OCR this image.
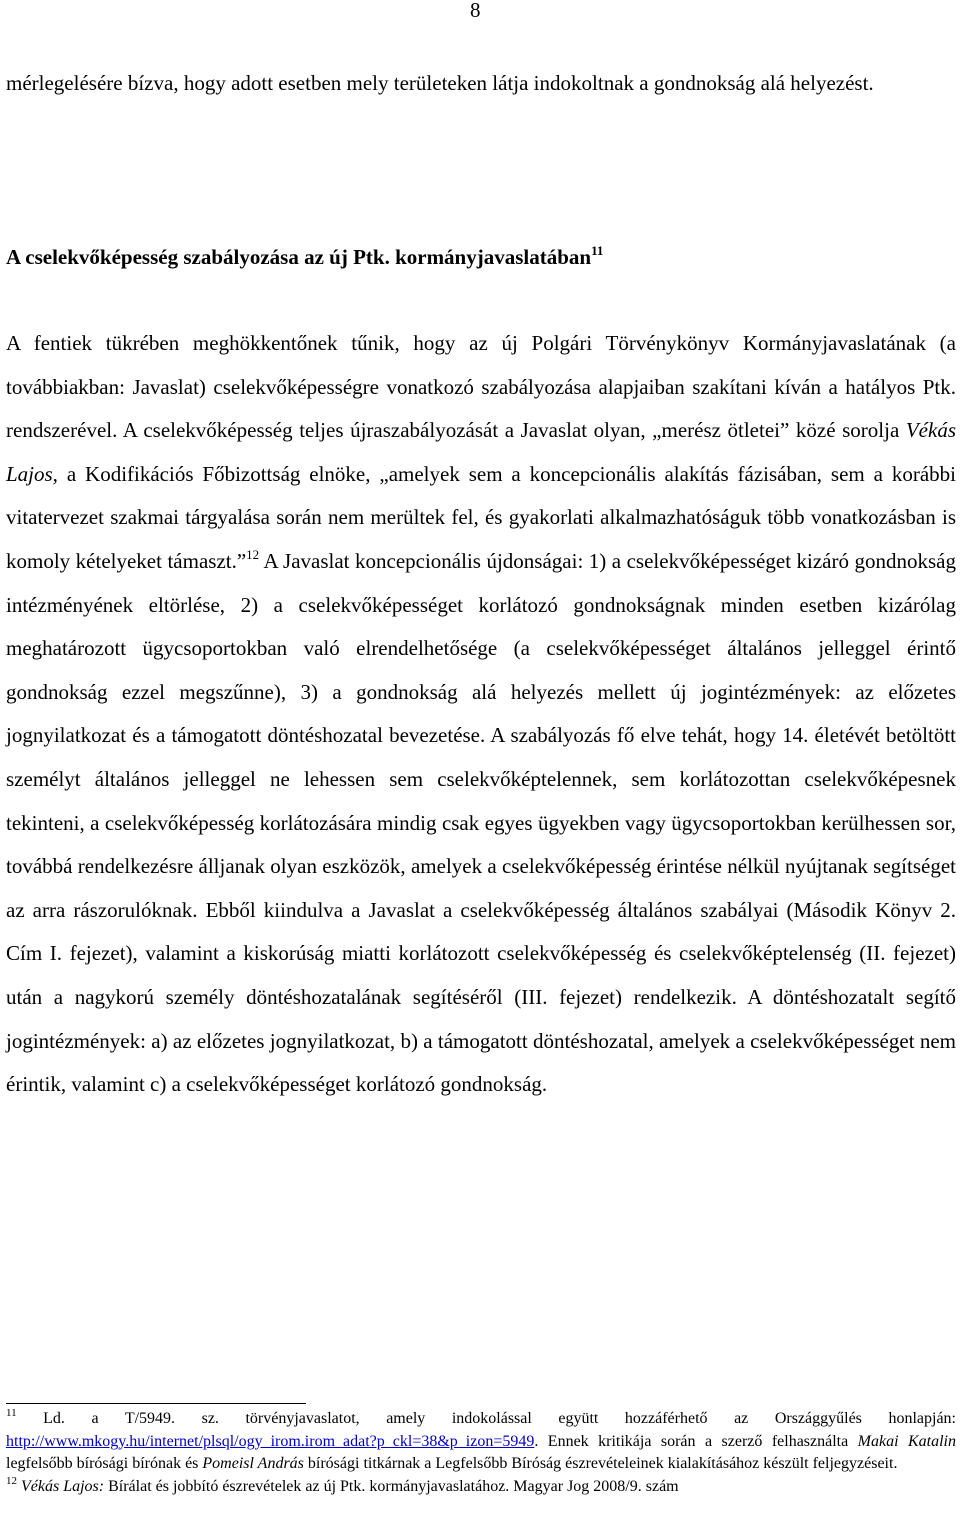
8

mérlegelésére bízva, hogy adott esetben mely területeken látja indokoltnak a gondnokság alá helyezést.

A cselekvőképesség szabályozása az új Ptk. kormányjavaslatában$^{11}$

A fentiek tükrében meghökkentőnek tűnik, hogy az új Polgári Törvénykönyv Kormányjavaslatának (a továbbiakban: Javaslat) cselekvőképességre vonatkozó szabályozása alapjaiban szakítani kíván a hatályos Ptk. rendszerével. A cselekvőképesség teljes újraszabályozását a Javaslat olyan, „merész ötletei” közé sorolja Vékás Lajos, a Kodifikációs Főbizottság elnöke, „amelyek sem a koncepcionális alakítás fázisában, sem a korábbi vitatervezet szakmai tárgyalása során nem merültek fel, és gyakorlati alkalmazhatóságuk több vonatkozásban is komoly kételyeket támaszt.”$^{12}$ A Javaslat koncepcionális újdonságai: 1) a cselekvőképességet kizáró gondnokság intézményének eltörlése, 2) a cselekvőképességet korlátozó gondnokságnak minden esetben kizárólag meghatározott ügycsoportokban való elrendelhetősége (a cselekvőképességet általános jelleggel érintő gondnokság ezzel megszűnne), 3) a gondnokság alá helyezés mellett új jogintézmények: az előzetes jognyilatkozat és a támogatott döntéshozatal bevezetése. A szabályozás fő elve tehát, hogy 14. életévét betöltött személyt általános jelleggel ne lehessen sem cselekvőképtelennek, sem korlátozottan cselekvőképesnek tekinteni, a cselekvőképesség korlátozására mindig csak egyes ügyekben vagy ügycsoportokban kerülhessen sor, továbbá rendelkezésre álljanak olyan eszközök, amelyek a cselekvőképesség érintése nélkül nyújtanak segítséget az arra rászorulóknak. Ebből kiindulva a Javaslat a cselekvőképesség általános szabályai (Második Könyv 2. Cím I. fejezet), valamint a kiskorúság miatti korlátozott cselekvőképesség és cselekvőképtelenség (II. fejezet) után a nagykorú személy döntéshozatalának segítéséről (III. fejezet) rendelkezik. A döntéshozatalt segítő jogintézmények: a) az előzetes jognyilatkozat, b) a támogatott döntéshozatal, amelyek a cselekvőképességet nem érintik, valamint c) a cselekvőképességet korlátozó gondnokság.

$^{11}$ Ld. a T/5949. sz. törvényjavaslatot, amely indokolással együtt hozzáférhető az Országgyűlés honlapján: http://www.mkogy.hu/internet/plsql/ogy_irom.irom_adat?p_ckl=38&p_izon=5949. Ennek kritikája során a szerző felhasználta Makai Katalin legfelsőbb bírósági bírónak és Pomeisl András bírósági titkárnak a Legfelsőbb Bíróság észrevételeinek kialakításához készült feljegyzéseit.

$^{12}$ Vékás Lajos: Bírálat és jobbító észrevételek az új Ptk. kormányjavaslatához. Magyar Jog 2008/9. szám
